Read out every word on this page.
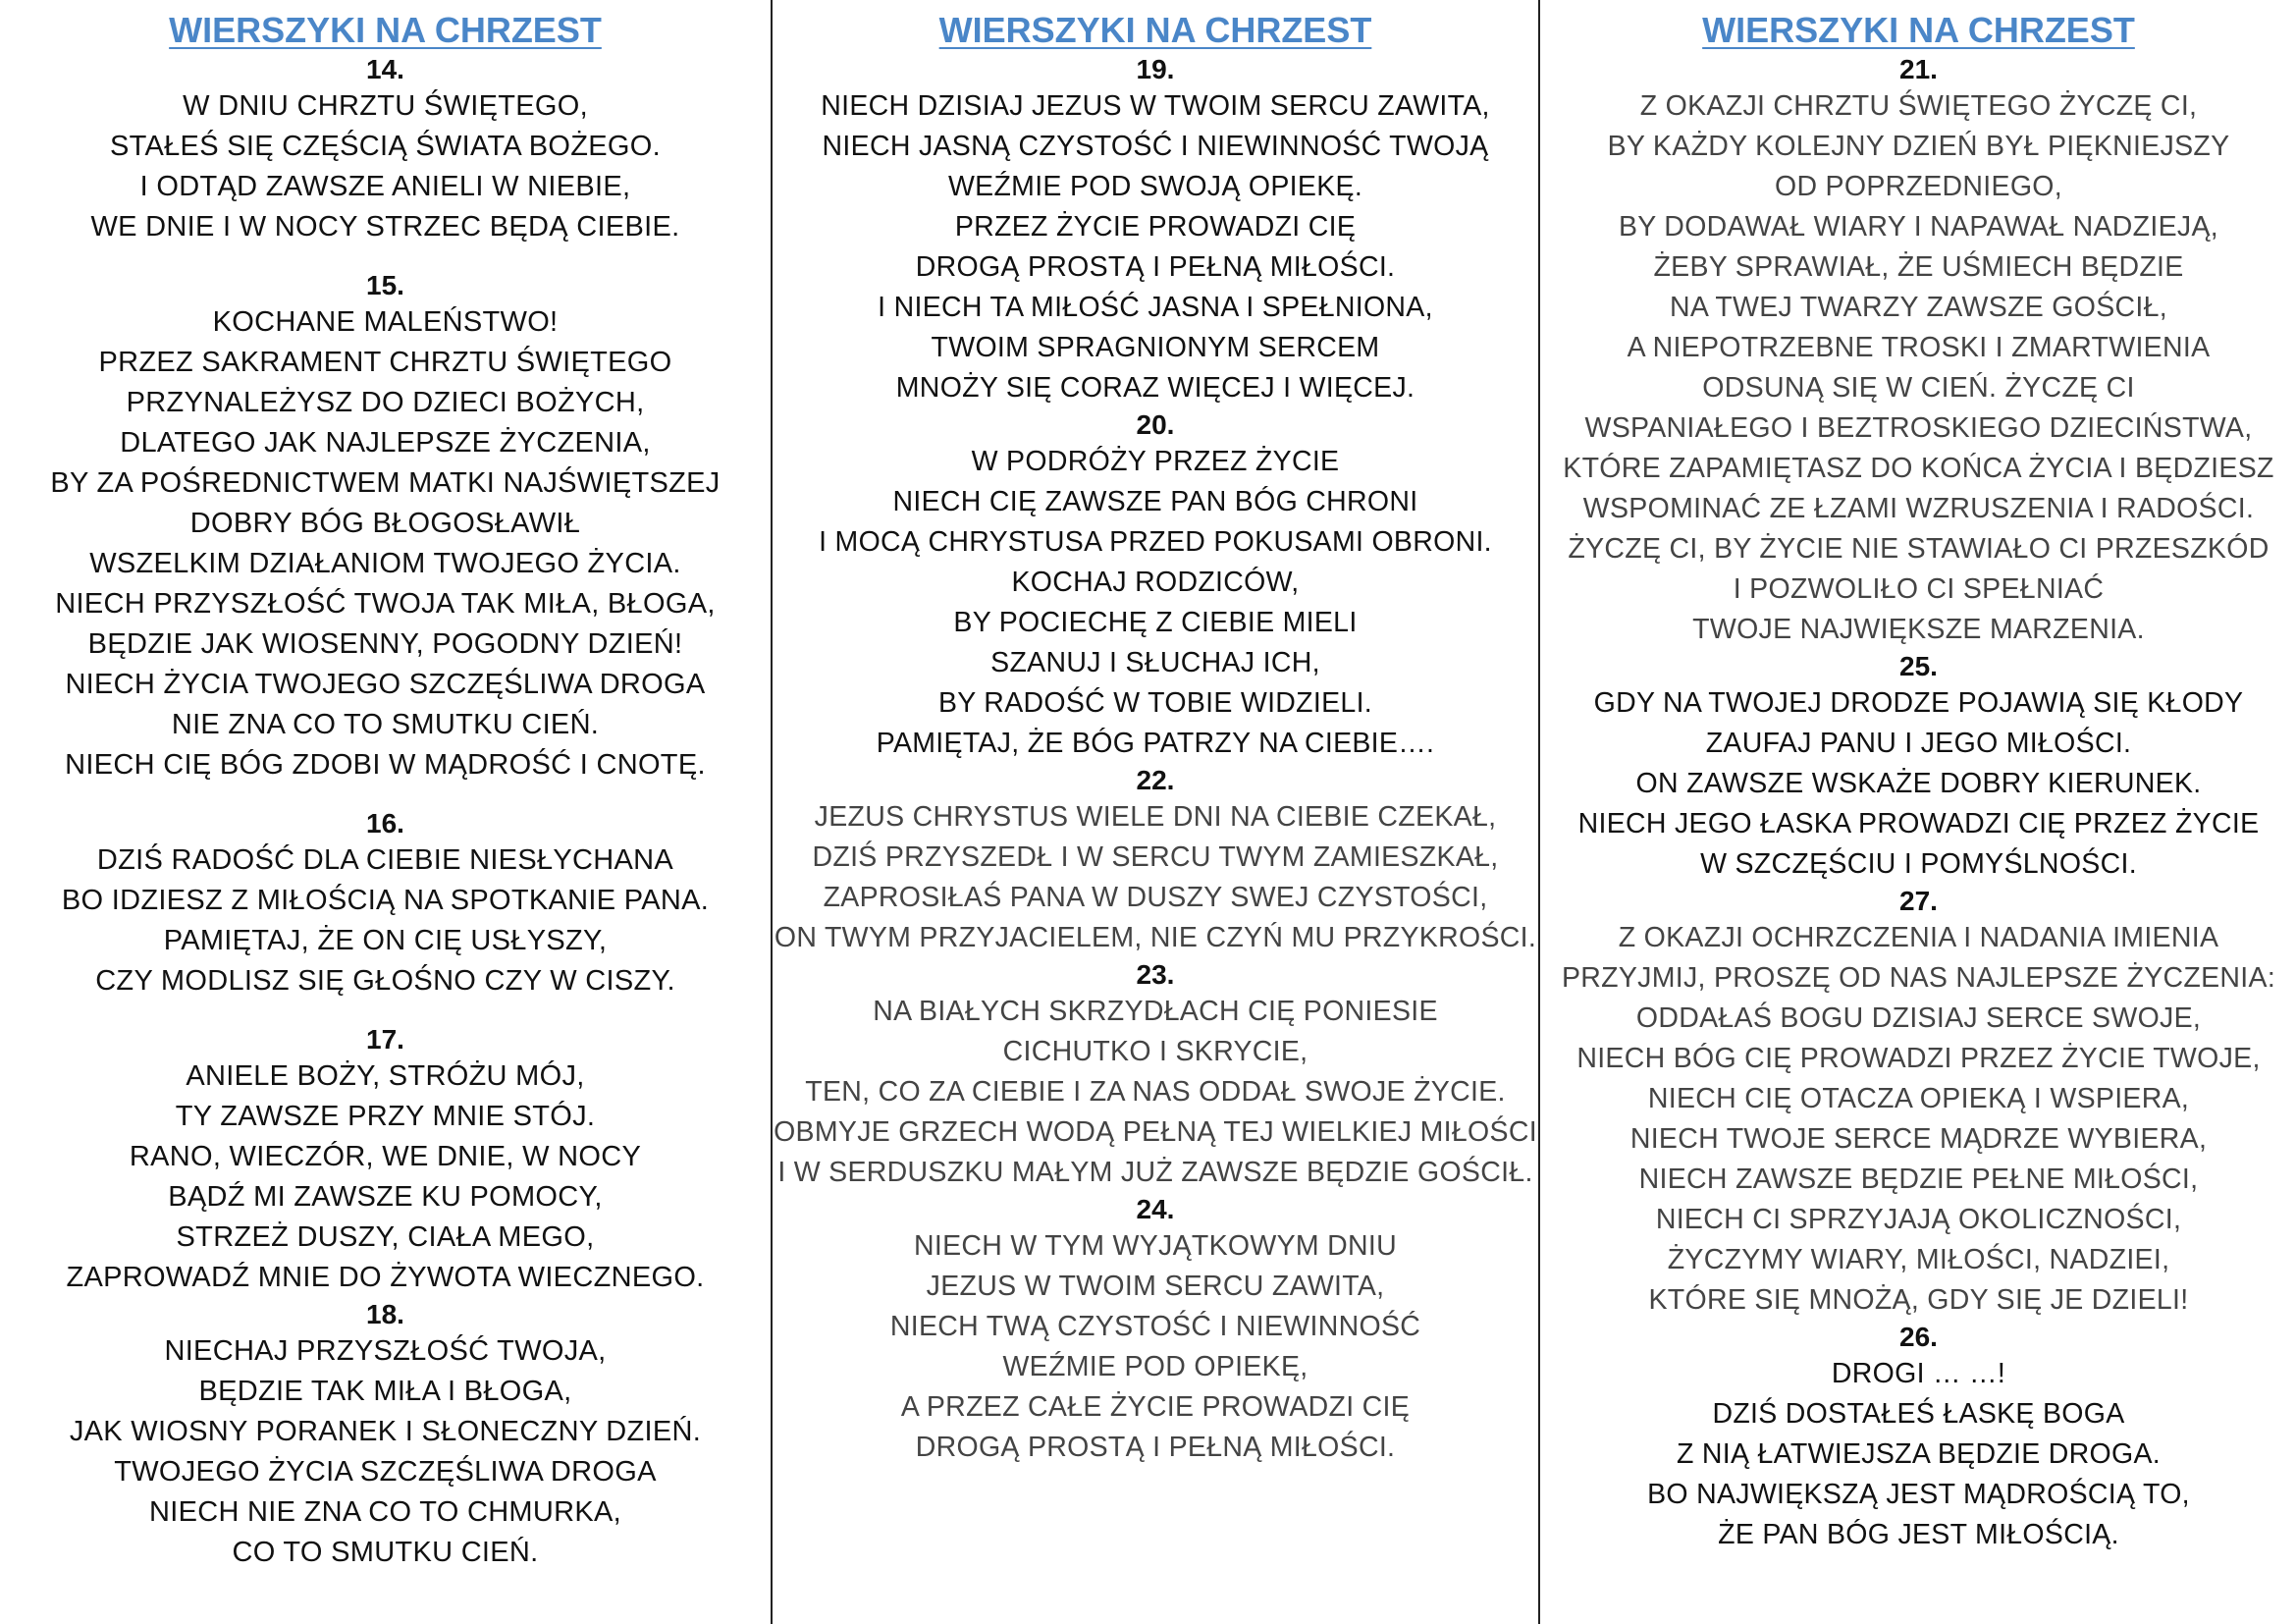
WIERSZYKI NA CHRZEST
14.
W DNIU CHRZTU ŚWIĘTEGO,
STAŁEŚ SIĘ CZĘŚCIĄ ŚWIATA BOŻEGO.
I ODTĄD ZAWSZE ANIELI W NIEBIE,
WE DNIE I W NOCY STRZEC BĘDĄ CIEBIE.
15.
KOCHANE MALEŃSTWO!
PRZEZ SAKRAMENT CHRZTU ŚWIĘTEGO
PRZYNALEŻYSZ DO DZIECI BOŻYCH,
DLATEGO JAK NAJLEPSZE ŻYCZENIA,
BY ZA POŚREDNICTWEM MATKI NAJŚWIĘTSZEJ
DOBRY BÓG BŁOGOSŁAWIŁ
WSZELKIM DZIAŁANIOM TWOJEGO ŻYCIA.
NIECH PRZYSZŁOŚĆ TWOJA TAK MIŁA, BŁOGA,
BĘDZIE JAK WIOSENNY, POGODNY DZIEŃ!
NIECH ŻYCIA TWOJEGO SZCZĘŚLIWA DROGA
NIE ZNA CO TO SMUTKU CIEŃ.
NIECH CIĘ BÓG ZDOBI W MĄDROŚĆ I CNOTĘ.
16.
DZIŚ RADOŚĆ DLA CIEBIE NIESŁYCHANA
BO IDZIESZ Z MIŁOŚCIĄ NA SPOTKANIE PANA.
PAMIĘTAJ, ŻE ON CIĘ USŁYSZY,
CZY MODLISZ SIĘ GŁOŚNO CZY W CISZY.
17.
ANIELE BOŻY, STRÓŻU MÓJ,
TY ZAWSZE PRZY MNIE STÓJ.
RANO, WIECZÓR, WE DNIE, W NOCY
BĄDŹ MI ZAWSZE KU POMOCY,
STRZEŻ DUSZY, CIAŁA MEGO,
ZAPROWADŹ MNIE DO ŻYWOTA WIECZNEGO.
18.
NIECHAJ PRZYSZŁOŚĆ TWOJA,
BĘDZIE TAK MIŁA I BŁOGA,
JAK WIOSNY PORANEK I SŁONECZNY DZIEŃ.
TWOJEGO ŻYCIA SZCZĘŚLIWA DROGA
NIECH NIE ZNA CO TO CHMURKA,
CO TO SMUTKU CIEŃ.
WIERSZYKI NA CHRZEST
19.
NIECH DZISIAJ JEZUS W TWOIM SERCU ZAWITA,
NIECH JASNĄ CZYSTOŚĆ I NIEWINNOŚĆ TWOJĄ
WEŹMIE POD SWOJĄ OPIEKĘ.
PRZEZ ŻYCIE PROWADZI CIĘ
DROGĄ PROSTĄ I PEŁNĄ MIŁOŚCI.
I NIECH TA MIŁOŚĆ JASNA I SPEŁNIONA,
TWOIM SPRAGNIONYM SERCEM
MNOŻY SIĘ CORAZ WIĘCEJ I WIĘCEJ.
20.
W PODRÓŻY PRZEZ ŻYCIE
NIECH CIĘ ZAWSZE PAN BÓG CHRONI
I MOCĄ CHRYSTUSA PRZED POKUSAMI OBRONI.
KOCHAJ RODZICÓW,
BY POCIECHĘ Z CIEBIE MIELI
SZANUJ I SŁUCHAJ ICH,
BY RADOŚĆ W TOBIE WIDZIELI.
PAMIĘTAJ, ŻE BÓG PATRZY NA CIEBIE….
22.
JEZUS CHRYSTUS WIELE DNI NA CIEBIE CZEKAŁ,
DZIŚ PRZYSZEDŁ I W SERCU TWYM ZAMIESZKAŁ,
ZAPROSIŁAŚ PANA W DUSZY SWEJ CZYSTOŚCI,
ON TWYM PRZYJACIELEM, NIE CZYŃ MU PRZYKROŚCI.
23.
NA BIAŁYCH SKRZYDŁACH CIĘ PONIESIE
CICHUTKO I SKRYCIE,
TEN, CO ZA CIEBIE I ZA NAS ODDAŁ SWOJE ŻYCIE.
OBMYJE GRZECH WODĄ PEŁNĄ TEJ WIELKIEJ MIŁOŚCI
I W SERDUSZKU MAŁYM JUŻ ZAWSZE BĘDZIE GOŚCIŁ.
24.
NIECH W TYM WYJĄTKOWYM DNIU
JEZUS W TWOIM SERCU ZAWITA,
NIECH TWĄ CZYSTOŚĆ I NIEWINNOŚĆ
WEŹMIE POD OPIEKĘ,
A PRZEZ CAŁE ŻYCIE PROWADZI CIĘ
DROGĄ PROSTĄ I PEŁNĄ MIŁOŚCI.
WIERSZYKI NA CHRZEST
21.
Z OKAZJI CHRZTU ŚWIĘTEGO ŻYCZĘ CI,
BY KAŻDY KOLEJNY DZIEŃ BYŁ PIĘKNIEJSZY
OD POPRZEDNIEGO,
BY DODAWAŁ WIARY I NAPAWAŁ NADZIEJĄ,
ŻEBY SPRAWIAŁ, ŻE UŚMIECH BĘDZIE
NA TWEJ TWARZY ZAWSZE GOŚCIŁ,
A NIEPOTRZEBNE TROSKI I ZMARTWIENIA
ODSUNĄ SIĘ W CIEŃ. ŻYCZĘ CI
WSPANIAŁEGO I BEZTROSKIEGO DZIECIŃSTWA,
KTÓRE ZAPAMIĘTASZ DO KOŃCA ŻYCIA I BĘDZIESZ
WSPOMINAĆ ZE ŁZAMI WZRUSZENIA I RADOŚCI.
ŻYCZĘ CI, BY ŻYCIE NIE STAWIAŁO CI PRZESZKÓD
I POZWOLIŁO CI SPEŁNIAĆ
TWOJE NAJWIĘKSZE MARZENIA.
25.
GDY NA TWOJEJ DRODZE POJAWIĄ SIĘ KŁODY
ZAUFAJ PANU I JEGO MIŁOŚCI.
ON ZAWSZE WSKAŻE DOBRY KIERUNEK.
NIECH JEGO ŁASKA PROWADZI CIĘ PRZEZ ŻYCIE
W SZCZĘŚCIU I POMYŚLNOŚCI.
27.
Z OKAZJI OCHRZCZENIA I NADANIA IMIENIA
PRZYJMIJ, PROSZĘ OD NAS NAJLEPSZE ŻYCZENIA:
ODDAŁAŚ BOGU DZISIAJ SERCE SWOJE,
NIECH BÓG CIĘ PROWADZI PRZEZ ŻYCIE TWOJE,
NIECH CIĘ OTACZA OPIEKĄ I WSPIERA,
NIECH TWOJE SERCE MĄDRZE WYBIERA,
NIECH ZAWSZE BĘDZIE PEŁNE MIŁOŚCI,
NIECH CI SPRZYJAJĄ OKOLICZNOŚCI,
ŻYCZYMY WIARY, MIŁOŚCI, NADZIEI,
KTÓRE SIĘ MNOŻĄ, GDY SIĘ JE DZIELI!
26.
DROGI … …!
DZIŚ DOSTAŁEŚ ŁASKĘ BOGA
Z NIĄ ŁATWIEJSZA BĘDZIE DROGA.
BO NAJWIĘKSZĄ JEST MĄDROŚCIĄ TO,
ŻE PAN BÓG JEST MIŁOŚCIĄ.
